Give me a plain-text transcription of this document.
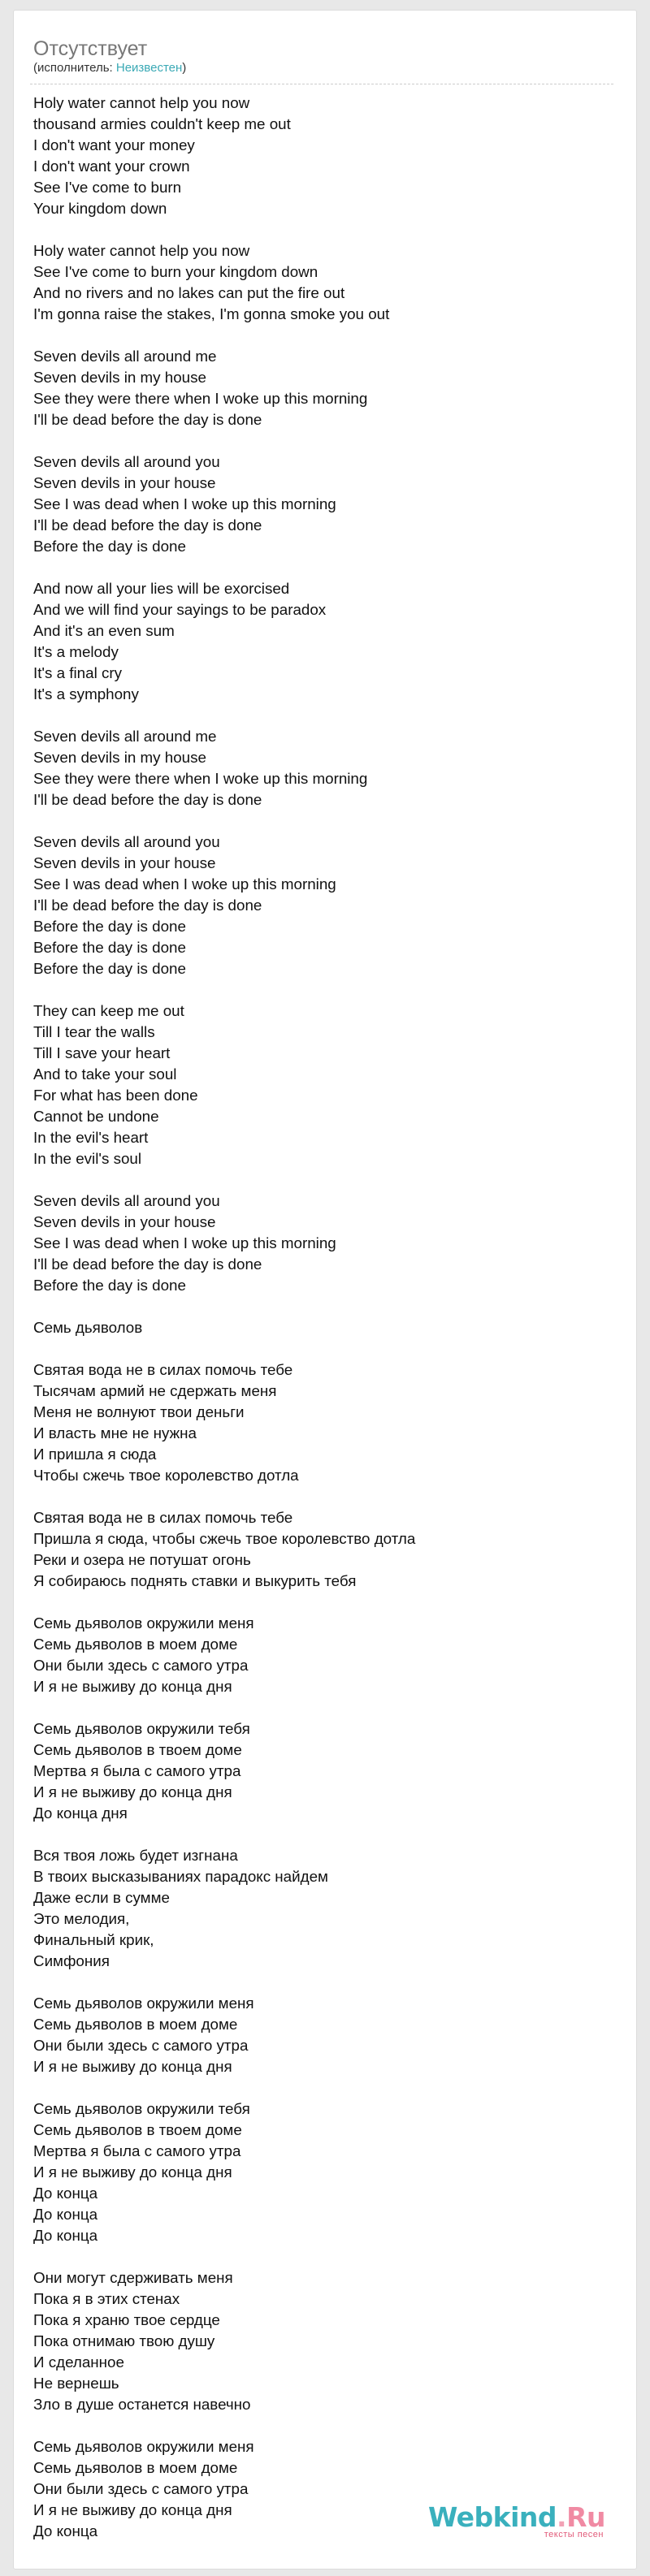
Отсутствует
(исполнитель: Неизвестен)
Holy water cannot help you now
thousand armies couldn't keep me out
I don't want your money
I don't want your crown
See I've come to burn
Your kingdom down
Holy water cannot help you now
See I've come to burn your kingdom down
And no rivers and no lakes can put the fire out
I'm gonna raise the stakes, I'm gonna smoke you out
Seven devils all around me
Seven devils in my house
See they were there when I woke up this morning
I'll be dead before the day is done
Seven devils all around you
Seven devils in your house
See I was dead when I woke up this morning
I'll be dead before the day is done
Before the day is done
And now all your lies will be exorcised
And we will find your sayings to be paradox
And it's an even sum
It's a melody
It's a final cry
It's a symphony
Seven devils all around me
Seven devils in my house
See they were there when I woke up this morning
I'll be dead before the day is done
Seven devils all around you
Seven devils in your house
See I was dead when I woke up this morning
I'll be dead before the day is done
Before the day is done
Before the day is done
Before the day is done
They can keep me out
Till I tear the walls
Till I save your heart
And to take your soul
For what has been done
Cannot be undone
In the evil's heart
In the evil's soul
Seven devils all around you
Seven devils in your house
See I was dead when I woke up this morning
I'll be dead before the day is done
Before the day is done
Семь дьяволов
Святая вода не в силах помочь тебе
Тысячам армий не сдержать меня
Меня не волнуют твои деньги
И власть мне не нужна
И пришла я сюда
Чтобы сжечь твое королевство дотла
Святая вода не в силах помочь тебе
Пришла я сюда, чтобы сжечь твое королевство дотла
Реки и озера не потушат огонь
Я собираюсь поднять ставки и выкурить тебя
Семь дьяволов окружили меня
Семь дьяволов в моем доме
Они были здесь с самого утра
И я не выживу до конца дня
Семь дьяволов окружили тебя
Семь дьяволов в твоем доме
Мертва я была с самого утра
И я не выживу до конца дня
До конца дня
Вся твоя ложь будет изгнана
В твоих высказываниях парадокс найдем
Даже если в сумме
Это мелодия,
Финальный крик,
Симфония
Семь дьяволов окружили меня
Семь дьяволов в моем доме
Они были здесь с самого утра
И я не выживу до конца дня
Семь дьяволов окружили тебя
Семь дьяволов в твоем доме
Мертва я была с самого утра
И я не выживу до конца дня
До конца
До конца
До конца
Они могут сдерживать меня
Пока я в этих стенах
Пока я храню твое сердце
Пока отнимаю твою душу
И сделанное
Не вернешь
Зло в душе останется навечно
Семь дьяволов окружили меня
Семь дьяволов в моем доме
Они были здесь с самого утра
И я не выживу до конца дня
До конца	Webkind.Ru
тексты песен
